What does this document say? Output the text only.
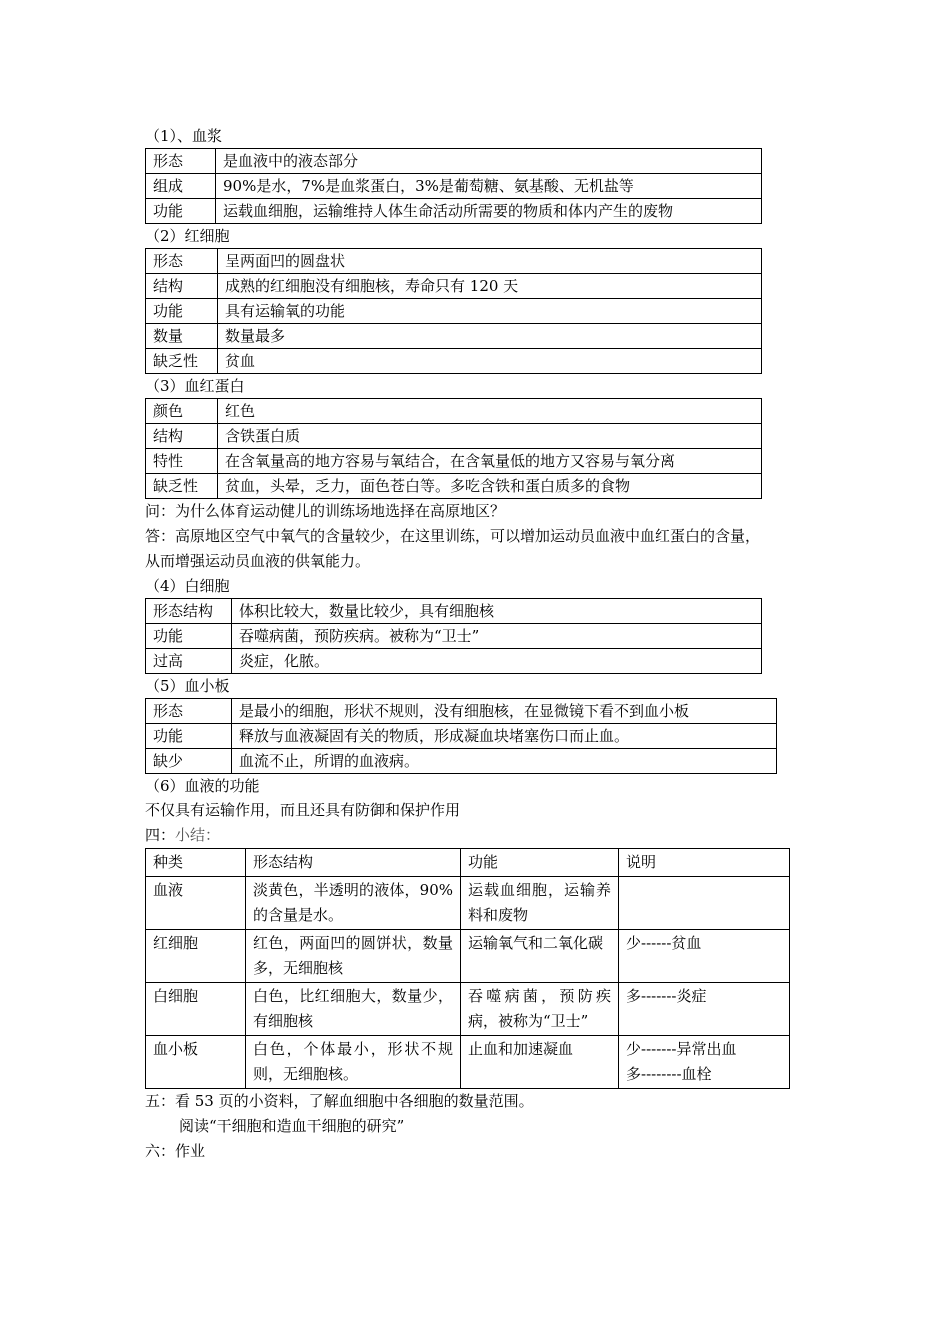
（1）、血浆
形态	是血液中的液态部分
组成	90%是水，7%是血浆蛋白，3%是葡萄糖、氨基酸、无机盐等
功能	运载血细胞，运输维持人体生命活动所需要的物质和体内产生的废物
（2）红细胞
形态	呈两面凹的圆盘状
结构	成熟的红细胞没有细胞核，寿命只有 120 天
功能	具有运输氧的功能
数量	数量最多
缺乏性	贫血
（3）血红蛋白
颜色	红色
结构	含铁蛋白质
特性	在含氧量高的地方容易与氧结合，在含氧量低的地方又容易与氧分离
缺乏性	贫血，头晕，乏力，面色苍白等。多吃含铁和蛋白质多的食物
问：为什么体育运动健儿的训练场地选择在高原地区？
答：高原地区空气中氧气的含量较少，在这里训练，可以增加运动员血液中血红蛋白的含量，
从而增强运动员血液的供氧能力。
（4）白细胞
形态结构	体积比较大，数量比较少，具有细胞核
功能	吞噬病菌，预防疾病。被称为“卫士”
过高	炎症，化脓。
（5）血小板
形态	是最小的细胞，形状不规则，没有细胞核，在显微镜下看不到血小板
功能	释放与血液凝固有关的物质，形成凝血块堵塞伤口而止血。
缺少	血流不止，所谓的血液病。
（6）血液的功能
不仅具有运输作用，而且还具有防御和保护作用
四：小结：
种类	形态结构	功能	说明
血液	淡黄色，半透明的液体，90%的含量是水。	运载血细胞，运输养料和废物	

红细胞	红色，两面凹的圆饼状，数量多，无细胞核	运输氧气和二氧化碳	少------贫血

白细胞	白色，比红细胞大，数量少，有细胞核	吞噬病菌，预防疾病，被称为“卫士”	多-------炎症

血小板	白色，个体最小，形状不规则，无细胞核。	止血和加速凝血	少-------异常出血
多--------血栓
五：看 53 页的小资料，了解血细胞中各细胞的数量范围。
阅读“干细胞和造血干细胞的研究”
六：作业
